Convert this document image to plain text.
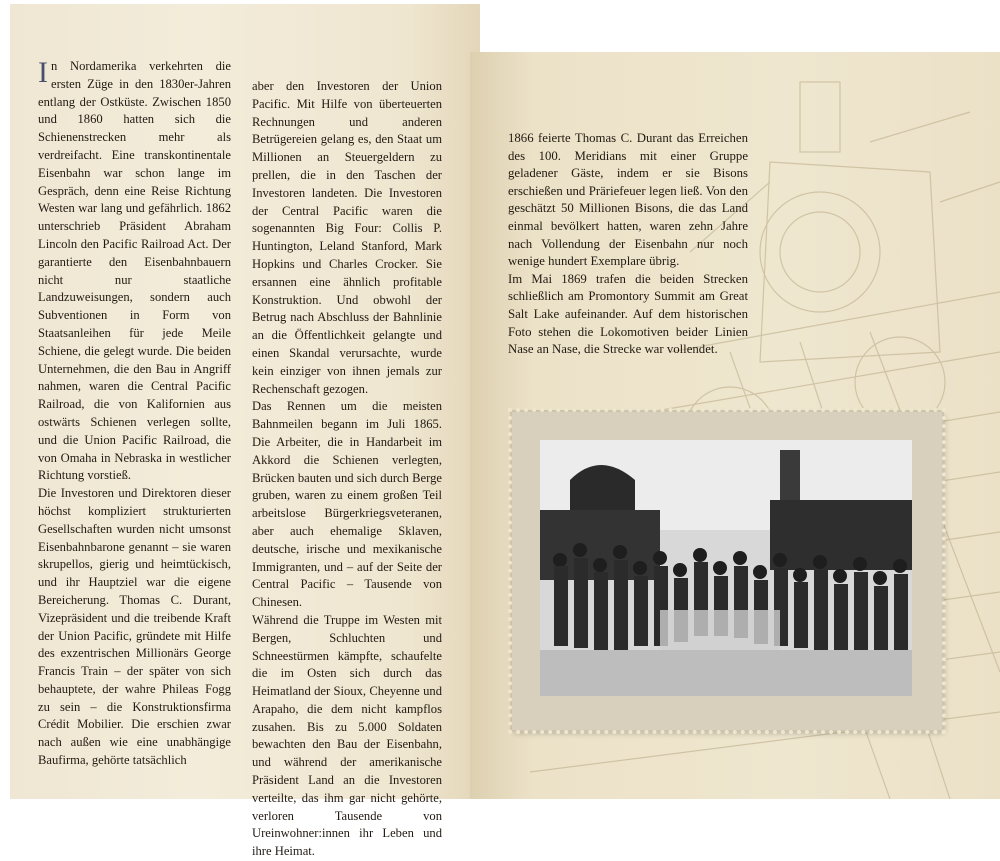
I n Nordamerika verkehrten die ersten Züge in den 1830er-Jahren entlang der Ostküste. Zwischen 1850 und 1860 hatten sich die Schienenstrecken mehr als verdreifacht. Eine transkontinentale Eisenbahn war schon lange im Gespräch, denn eine Reise Richtung Westen war lang und gefährlich. 1862 unterschrieb Präsident Abraham Lincoln den Pacific Railroad Act. Der garantierte den Eisenbahnbauern nicht nur staatliche Landzuweisungen, sondern auch Subventionen in Form von Staatsanleihen für jede Meile Schiene, die gelegt wurde. Die beiden Unternehmen, die den Bau in Angriff nahmen, waren die Central Pacific Railroad, die von Kalifornien aus ostwärts Schienen verlegen sollte, und die Union Pacific Railroad, die von Omaha in Nebraska in westlicher Richtung vorstieß.

Die Investoren und Direktoren dieser höchst kompliziert strukturierten Gesellschaften wurden nicht umsonst Eisenbahnbarone genannt – sie waren skrupellos, gierig und heimtückisch, und ihr Hauptziel war die eigene Bereicherung. Thomas C. Durant, Vizepräsident und die treibende Kraft der Union Pacific, gründete mit Hilfe des exzentrischen Millionärs George Francis Train – der später von sich behauptete, der wahre Phileas Fogg zu sein – die Konstruktionsfirma Crédit Mobilier. Die erschien zwar nach außen wie eine unabhängige Baufirma, gehörte tatsächlich

aber den Investoren der Union Pacific. Mit Hilfe von überteuerten Rechnungen und anderen Betrügereien gelang es, den Staat um Millionen an Steuergeldern zu prellen, die in den Taschen der Investoren landeten. Die Investoren der Central Pacific waren die sogenannten Big Four: Collis P. Huntington, Leland Stanford, Mark Hopkins und Charles Crocker. Sie ersannen eine ähnlich profitable Konstruktion. Und obwohl der Betrug nach Abschluss der Bahnlinie an die Öffentlichkeit gelangte und einen Skandal verursachte, wurde kein einziger von ihnen jemals zur Rechenschaft gezogen.

Das Rennen um die meisten Bahnmeilen begann im Juli 1865. Die Arbeiter, die in Handarbeit im Akkord die Schienen verlegten, Brücken bauten und sich durch Berge gruben, waren zu einem großen Teil arbeitslose Bürgerkriegsveteranen, aber auch ehemalige Sklaven, deutsche, irische und mexikanische Immigranten, und – auf der Seite der Central Pacific – Tausende von Chinesen.

Während die Truppe im Westen mit Bergen, Schluchten und Schneestürmen kämpfte, schaufelte die im Osten sich durch das Heimatland der Sioux, Cheyenne und Arapaho, die dem nicht kampflos zusahen. Bis zu 5.000 Soldaten bewachten den Bau der Eisenbahn, und während der amerikanische Präsident Land an die Investoren verteilte, das ihm gar nicht gehörte, verloren Tausende von Ureinwohner:innen ihr Leben und ihre Heimat.

1866 feierte Thomas C. Durant das Erreichen des 100. Meridians mit einer Gruppe geladener Gäste, indem er sie Bisons erschießen und Präriefeuer legen ließ. Von den geschätzt 50 Millionen Bisons, die das Land einmal bevölkert hatten, waren zehn Jahre nach Vollendung der Eisenbahn nur noch wenige hundert Exemplare übrig.

Im Mai 1869 trafen die beiden Strecken schließlich am Promontory Summit am Great Salt Lake aufeinander. Auf dem historischen Foto stehen die Lokomotiven beider Linien Nase an Nase, die Strecke war vollendet.
